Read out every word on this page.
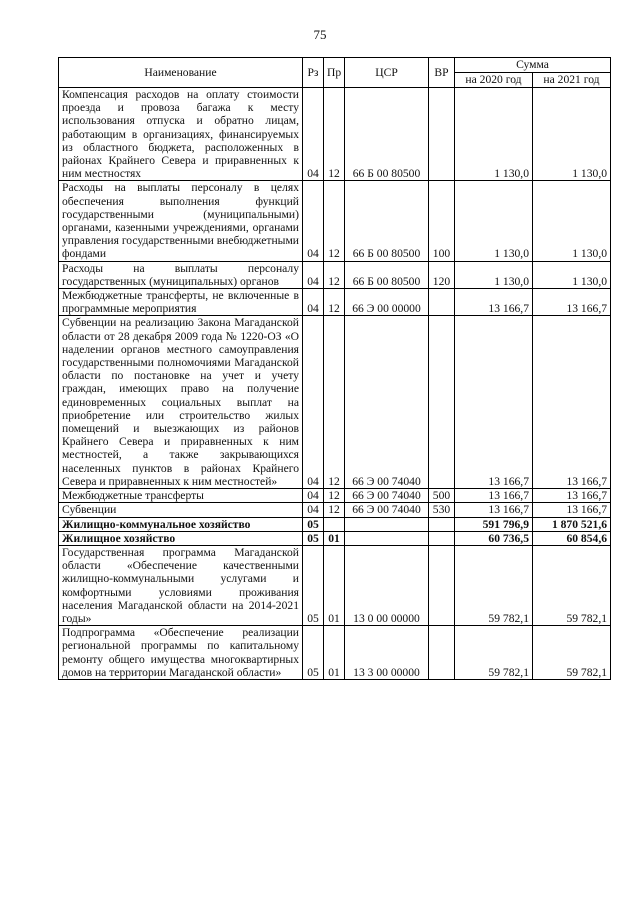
75
Наименование	Рз	Пр	ЦСР	ВР	Сумма	
					на 2020 год	на 2021 год
Компенсация расходов на оплату стоимости проезда и провоза багажа к месту использования отпуска и обратно лицам, работающим в организациях, финансируемых из областного бюджета, расположенных в районах Крайнего Севера и приравненных к ним местностях	04	12	66 Б 00 80500		1 130,0	1 130,0
Расходы на выплаты персоналу в целях обеспечения выполнения функций государственными (муниципальными) органами, казенными учреждениями, органами управления государственными внебюджетными фондами	04	12	66 Б 00 80500	100	1 130,0	1 130,0
Расходы на выплаты персоналу государственных (муниципальных) органов	04	12	66 Б 00 80500	120	1 130,0	1 130,0
Межбюджетные трансферты, не включенные в программные мероприятия	04	12	66 Э 00 00000		13 166,7	13 166,7
Субвенции на реализацию Закона Магаданской области от 28 декабря 2009 года № 1220-ОЗ «О наделении органов местного самоуправления государственными полномочиями Магаданской области по постановке на учет и учету граждан, имеющих право на получение единовременных социальных выплат на приобретение или строительство жилых помещений и выезжающих из районов Крайнего Севера и приравненных к ним местностей, а также закрывающихся населенных пунктов в районах Крайнего Севера и приравненных к ним местностей»	04	12	66 Э 00 74040		13 166,7	13 166,7
Межбюджетные трансферты	04	12	66 Э 00 74040	500	13 166,7	13 166,7
Субвенции	04	12	66 Э 00 74040	530	13 166,7	13 166,7
Жилищно-коммунальное хозяйство	05				591 796,9	1 870 521,6
Жилищное хозяйство	05	01			60 736,5	60 854,6
Государственная программа Магаданской области «Обеспечение качественными жилищно-коммунальными услугами и комфортными условиями проживания населения Магаданской области на 2014-2021 годы»	05	01	13 0 00 00000		59 782,1	59 782,1
Подпрограмма «Обеспечение реализации региональной программы по капитальному ремонту общего имущества многоквартирных домов на территории Магаданской области»	05	01	13 3 00 00000		59 782,1	59 782,1
